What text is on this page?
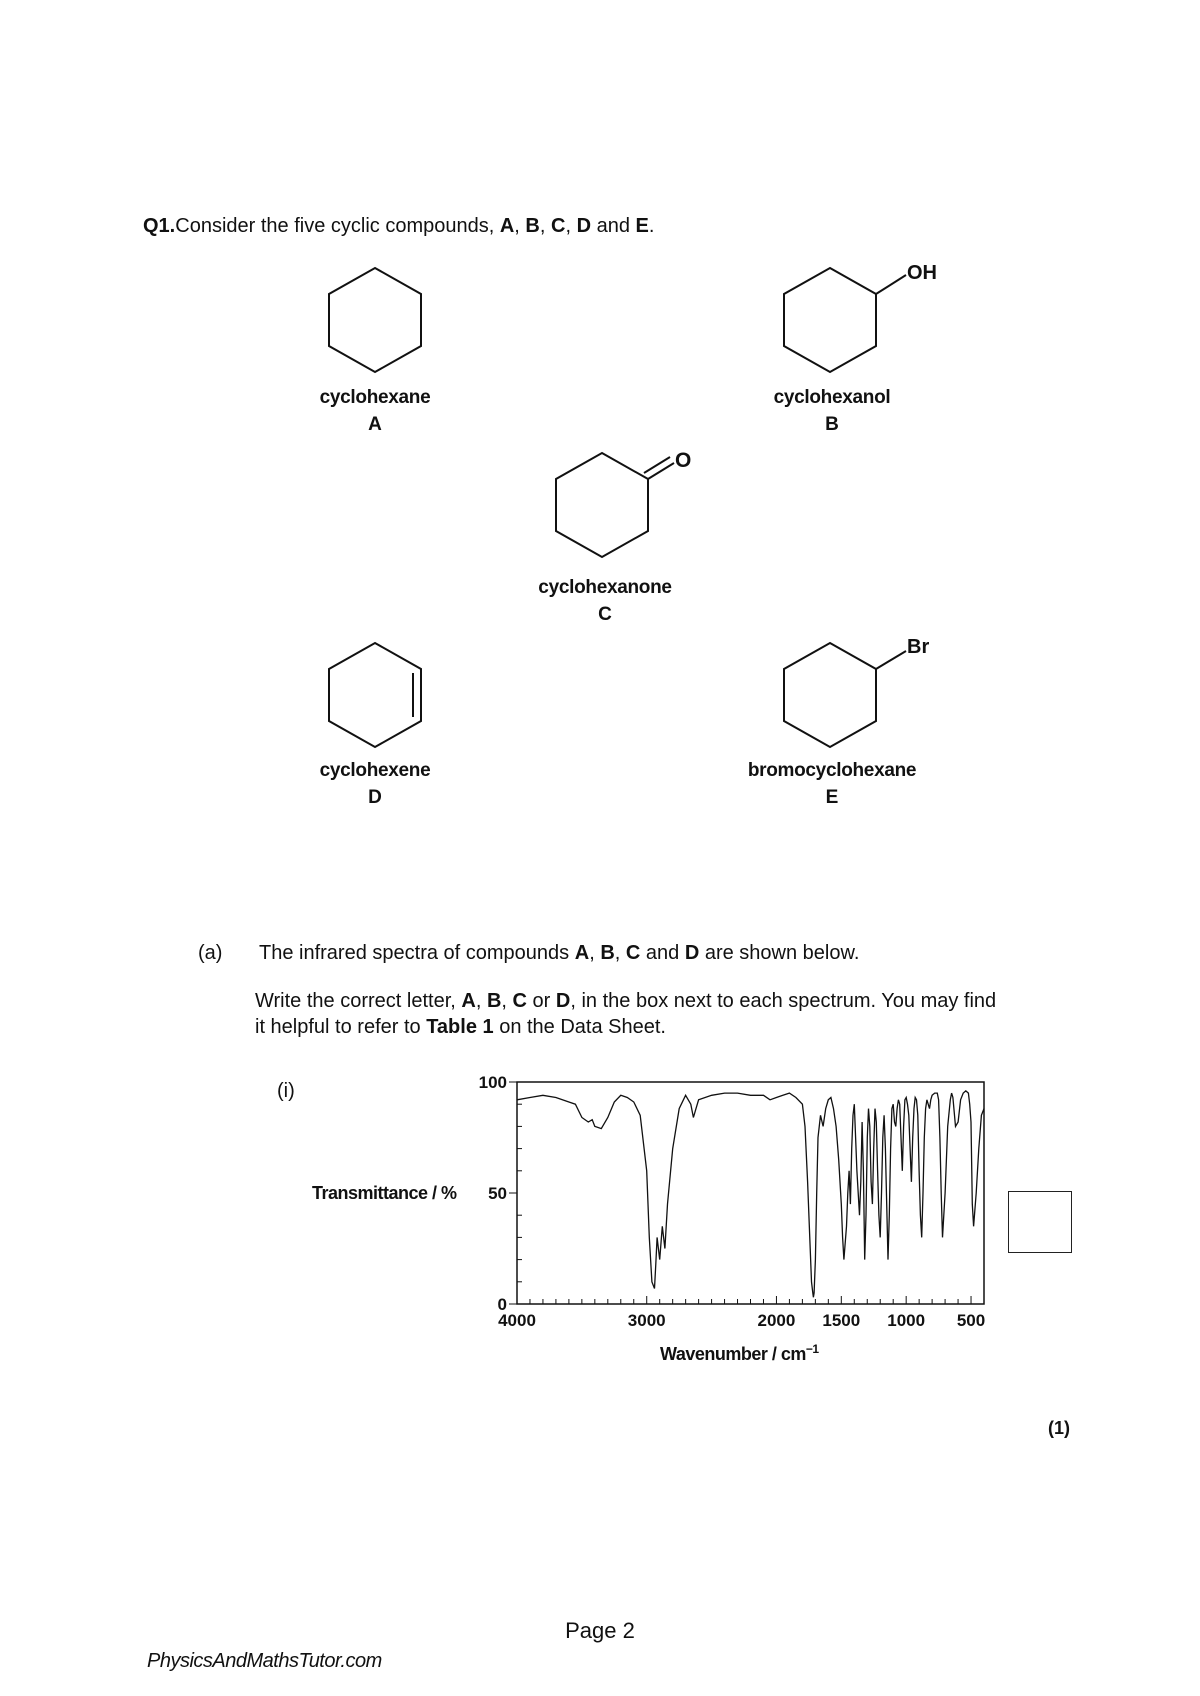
Q1.Consider the five cyclic compounds, A, B, C, D and E.
cyclohexane
A
OH
cyclohexanol
B
O
cyclohexanone
C
cyclohexene
D
Br
bromocyclohexane
E
(a) The infrared spectra of compounds A, B, C and D are shown below.
Write the correct letter, A, B, C or D, in the box next to each spectrum. You may find
it helpful to refer to Table 1 on the Data Sheet.
(i)
4000	3000	2000 1500 1000 500
0
50
100
Transmittance / %
Wavenumber / $cm^{-1}$
(1)
Page 2
PhysicsAndMathsTutor.com
